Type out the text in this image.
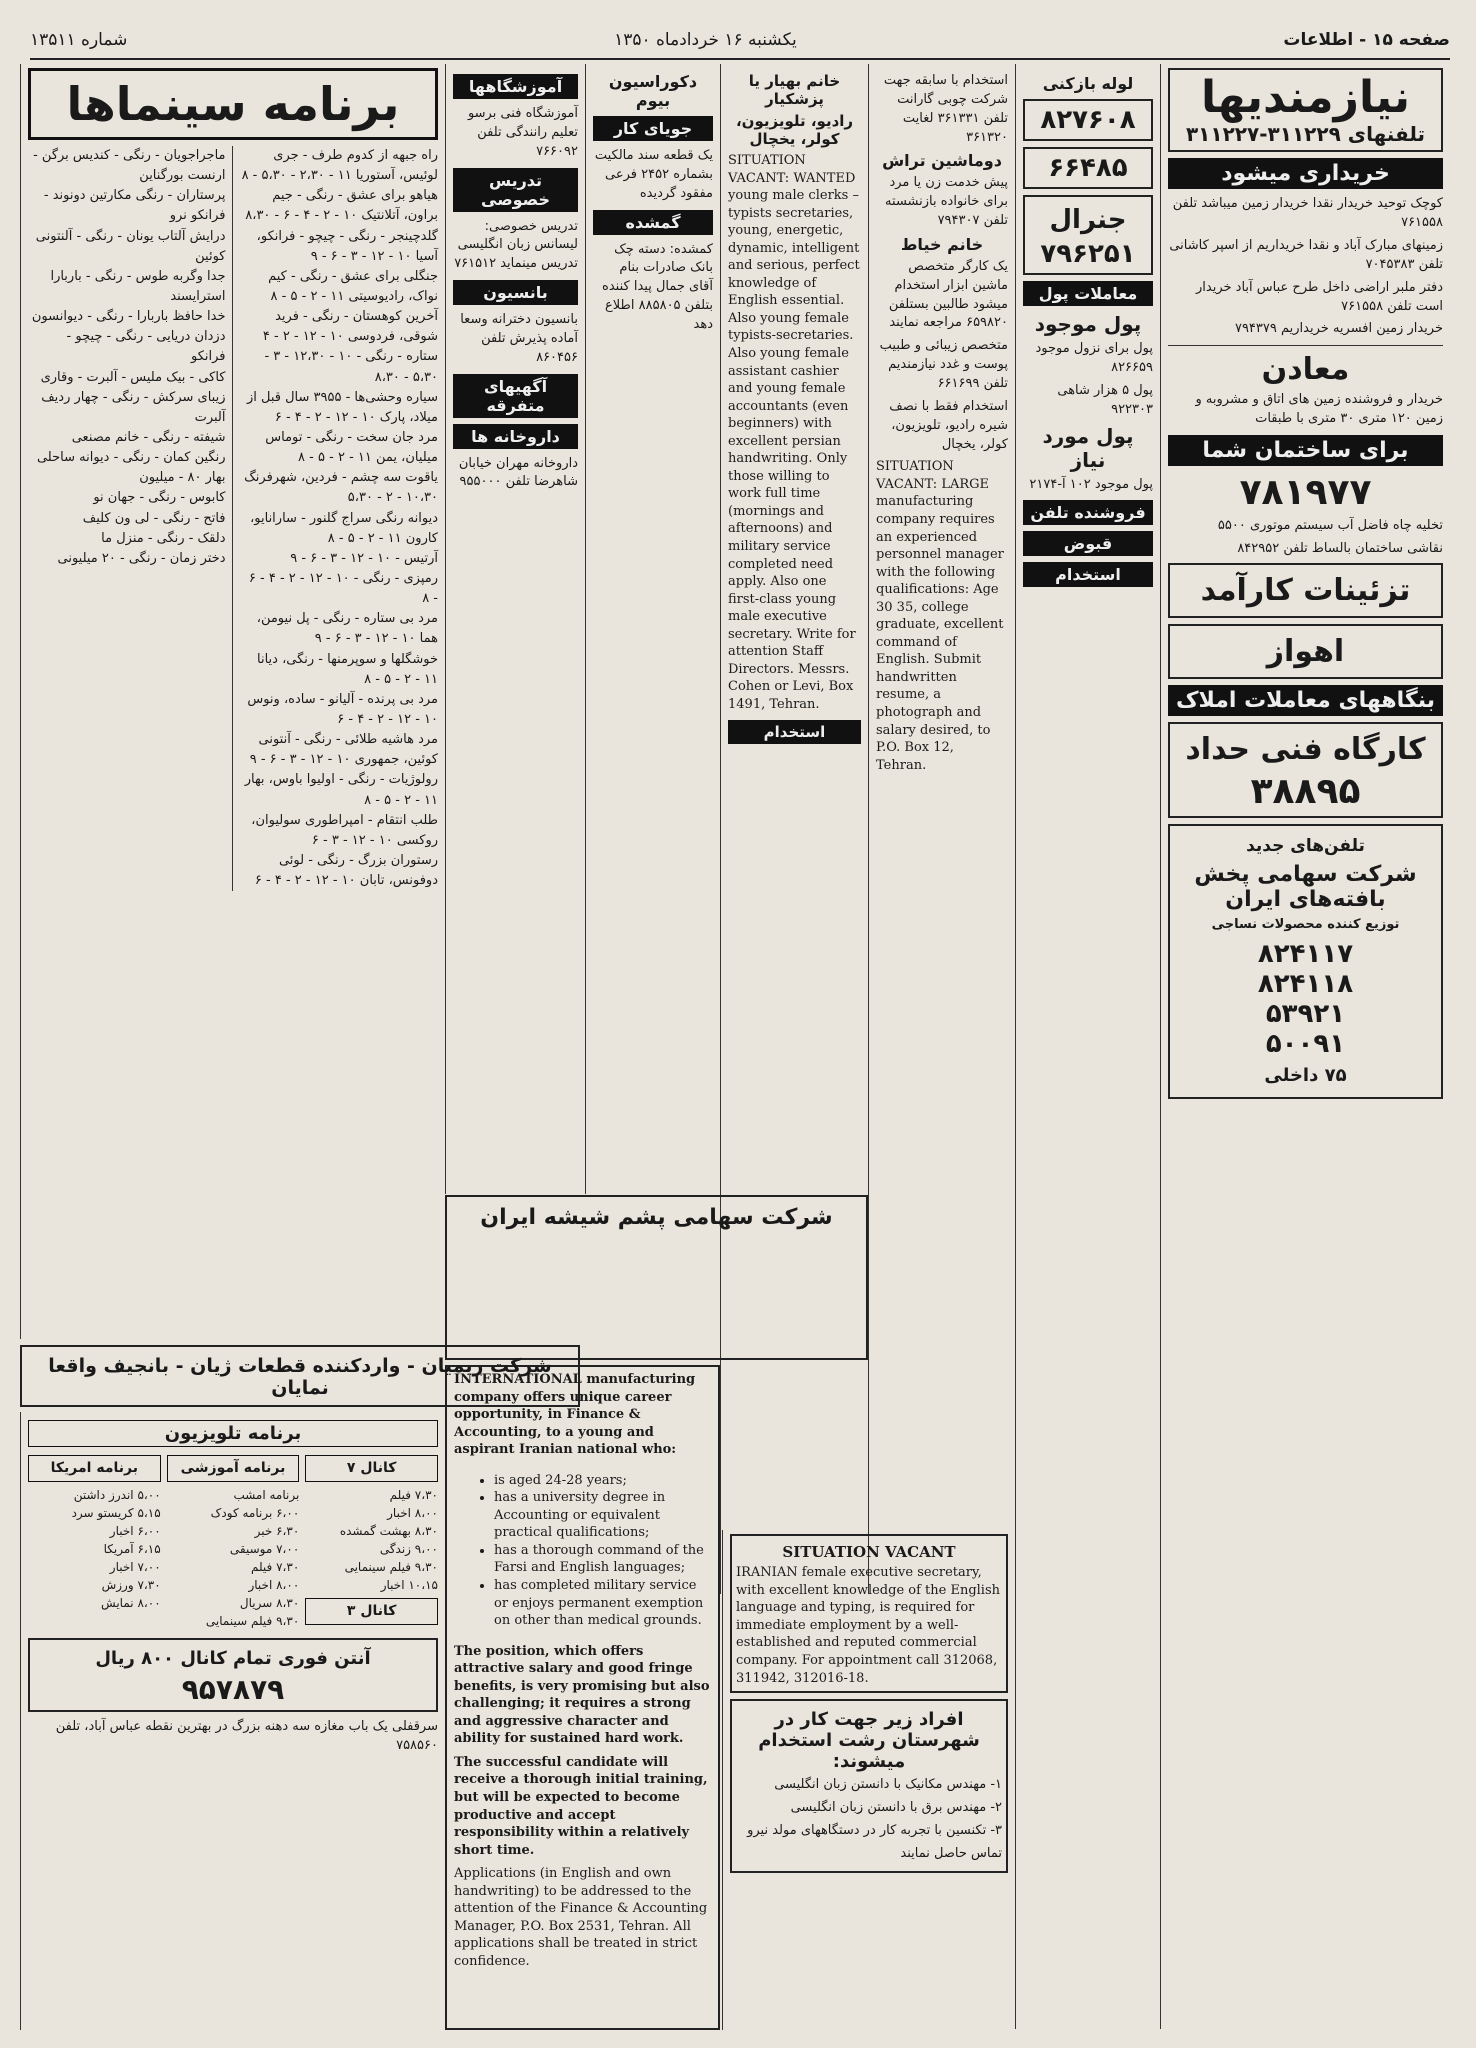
صفحه ۱۵ - اطلاعات
یکشنبه ۱۶ خردادماه ۱۳۵۰
شماره ۱۳۵۱۱
نیازمندیها
تلفنهای ۳۱۱۲۲۹-۳۱۱۲۲۷
خریداری میشود
کوچک توحید خریدار نقدا خریدار زمین میباشد تلفن ۷۶۱۵۵۸
زمینهای مبارک آباد و نقدا خریداریم از اسپر کاشانی تلفن ۷۰۴۵۳۸۳
دفتر ملبر اراضی داخل طرح عباس آباد خریدار است تلفن ۷۶۱۵۵۸
خریدار زمین افسریه خریداریم ۷۹۴۳۷۹
معادن
خریدار و فروشنده زمین های اتاق و مشروبه و زمین ۱۲۰ متری ۳۰ متری با طبقات
برای ساختمان شما
۷۸۱۹۷۷
تخلیه چاه فاضل آب سیستم موتوری ۵۵۰۰
نقاشی ساختمان بالساط تلفن ۸۴۲۹۵۲
تزئینات کارآمد
اهواز
بنگاههای معاملات املاک
کارگاه فنی حداد
۳۸۸۹۵
تلفن‌های جدید
شرکت سهامی پخش بافته‌های ایران
توزیع کننده محصولات نساجی
۸۲۴۱۱۷
۸۲۴۱۱۸
۵۳۹۲۱
۵۰۰۹۱
۷۵ داخلی
لوله بازکنی
۸۲۷۶۰۸
۶۶۴۸۵
جنرال
۷۹۶۲۵۱
معاملات پول
پول موجود
پول برای نزول موجود ۸۲۶۶۵۹
پول ۵ هزار شاهی ۹۲۲۳۰۳
پول مورد نیاز
پول موجود ۱۰۲ آ-۲۱۷۴
فروشنده تلفن
قبوض
استخدام
استخدام با سابقه جهت شرکت چوبی گارانت تلفن ۳۶۱۳۳۱ لغایت ۳۶۱۳۲۰
دوماشین تراش
پیش خدمت زن یا مرد برای خانواده بازنشسته تلفن ۷۹۴۳۰۷
خانم خیاط
یک کارگر متخصص ماشین ابزار استخدام میشود طالبین بستلفن ۶۵۹۸۲۰ مراجعه نمایند
متخصص زیبائی و طبیب پوست و غدد نیازمندیم تلفن ۶۶۱۶۹۹
استخدام فقط با نصف شیره رادیو، تلویزیون، کولر، یخچال
SITUATION VACANT: LARGE manufacturing company requires an experienced personnel manager with the following qualifications: Age 30 35, college graduate, excellent command of English. Submit handwritten resume, a photograph and salary desired, to P.O. Box 12, Tehran.
خانم بهیار یا پزشکیار
رادیو، تلویزیون، کولر، یخچال
SITUATION VACANT: WANTED young male clerks – typists secretaries, young, energetic, dynamic, intelligent and serious, perfect knowledge of English essential. Also young female typists-secretaries. Also young female assistant cashier and young female accountants (even beginners) with excellent persian handwriting. Only those willing to work full time (mornings and afternoons) and military service completed need apply. Also one first-class young male executive secretary. Write for attention Staff Directors. Messrs. Cohen or Levi, Box 1491, Tehran.
استخدام
دکوراسیون بیوم
جویای کار
یک قطعه سند مالکیت بشماره ۲۴۵۲ فرعی مفقود گردیده
گمشده
کمشده: دسته چک بانک صادرات بنام آقای جمال پیدا کننده بتلفن ۸۸۵۸۰۵ اطلاع دهد
آموزشگاهها
آموزشگاه فنی برسو تعلیم رانندگی تلفن ۷۶۶۰۹۲
تدریس خصوصی
تدریس خصوصی: لیسانس زبان انگلیسی تدریس مینماید ۷۶۱۵۱۲
بانسیون
بانسیون دخترانه وسعا آماده پذیرش تلفن ۸۶۰۴۵۶
آگهیهای متفرقه
داروخانه ها
داروخانه مهران خیابان شاهرضا تلفن ۹۵۵۰۰۰
شرکت سهامی پشم شیشه ایران
INTERNATIONAL manufacturing company offers unique career opportunity, in Finance & Accounting, to a young and aspirant Iranian national who:
• is aged 24-28 years;
• has a university degree in Accounting or equivalent practical qualifications;
• has a thorough command of the Farsi and English languages;
• has completed military service or enjoys permanent exemption on other than medical grounds.
The position, which offers attractive salary and good fringe benefits, is very promising but also challenging; it requires a strong and aggressive character and ability for sustained hard work.
The successful candidate will receive a thorough initial training, but will be expected to become productive and accept responsibility within a relatively short time.
Applications (in English and own handwriting) to be addressed to the attention of the Finance & Accounting Manager, P.O. Box 2531, Tehran. All applications shall be treated in strict confidence.
SITUATION VACANT
IRANIAN female executive secretary, with excellent knowledge of the English language and typing, is required for immediate employment by a well-established and reputed commercial company. For appointment call 312068, 311942, 312016-18.
افراد زیر جهت کار در شهرستان رشت استخدام میشوند:
۱- مهندس مکانیک با دانستن زبان انگلیسی
۲- مهندس برق با دانستن زبان انگلیسی
۳- تکنسین با تجربه کار در دستگاههای مولد نیرو
تماس حاصل نمایند
برنامه سینماها
راه جبهه از کدوم طرف - جری لوئیس، آستوریا ۱۱ - ۲،۳۰ - ۵،۳۰ - ۸
هیاهو برای عشق - رنگی - جیم براون، آتلانتیک ۱۰ - ۲ - ۴ - ۶ - ۸،۳۰
گلدچینجر - رنگی - چیچو - فرانکو، آسیا ۱۰ - ۱۲ - ۳ - ۶ - ۹
جنگلی برای عشق - رنگی - کیم نواک، رادیوسیتی ۱۱ - ۲ - ۵ - ۸
آخرین کوهستان - رنگی - فرید شوقی، فردوسی ۱۰ - ۱۲ - ۲ - ۴
ستاره - رنگی - ۱۰ - ۱۲،۳۰ - ۳ - ۵،۳۰ - ۸،۳۰
سیاره وحشی‌ها - ۳۹۵۵ سال قبل از میلاد، پارک ۱۰ - ۱۲ - ۲ - ۴ - ۶
مرد جان سخت - رنگی - توماس میلیان، یمن ۱۱ - ۲ - ۵ - ۸
یاقوت سه چشم - فردین، شهرفرنگ ۱۰،۳۰ - ۲ - ۵،۳۰
دیوانه رنگی سراج گلنور - سارانایو، کارون ۱۱ - ۲ - ۵ - ۸
آرتیس - ۱۰ - ۱۲ - ۳ - ۶ - ۹
رمپزی - رنگی - ۱۰ - ۱۲ - ۲ - ۴ - ۶ - ۸
مرد بی ستاره - رنگی - پل نیومن، هما ۱۰ - ۱۲ - ۳ - ۶ - ۹
خوشگلها و سوپرمنها - رنگی، دیانا ۱۱ - ۲ - ۵ - ۸
مرد بی پرنده - آلیانو - ساده، ونوس ۱۰ - ۱۲ - ۲ - ۴ - ۶
مرد هاشیه طلائی - رنگی - آنتونی کوئین، جمهوری ۱۰ - ۱۲ - ۳ - ۶ - ۹
رولوژیات - رنگی - اولیوا باوس، بهار ۱۱ - ۲ - ۵ - ۸
طلب انتقام - امپراطوری سولیوان، روکسی ۱۰ - ۱۲ - ۳ - ۶
رستوران بزرگ - رنگی - لوئی دوفونس، تابان ۱۰ - ۱۲ - ۲ - ۴ - ۶
ماجراجویان - رنگی - کندیس برگن - ارنست بورگناین
پرستاران - رنگی مکارتین دونوند - فرانکو نرو
درایش آلتاب یونان - رنگی - آلنتونی کوئین
جدا وگربه طوس - رنگی - باربارا استرایسند
خدا حافظ باربارا - رنگی - دیوانسون
دزدان دریایی - رنگی - چیچو - فرانکو
کاکی - بیک ملیس - آلبرت - وقاری
زیبای سرکش - رنگی - چهار ردیف آلبرت
شیفته - رنگی - خانم مصنعی
رنگین کمان - رنگی - دیوانه ساحلی
بهار ۸۰ - میلیون
کابوس - رنگی - جهان نو
فاتح - رنگی - لی ون کلیف
دلقک - رنگی - منزل ما
دختر زمان - رنگی - ۲۰ میلیونی
شرکت ریمیان - واردکننده قطعات ژیان - بانجیف واقعا نمایان
برنامه تلویزیون
کانال ۷
۷،۳۰ فیلم
۸،۰۰ اخبار
۸،۳۰ بهشت گمشده
۹،۰۰ زندگی
۹،۳۰ فیلم سینمایی
۱۰،۱۵ اخبار
کانال ۳
برنامه آموزشی
برنامه امشب
۶،۰۰ برنامه کودک
۶،۳۰ خبر
۷،۰۰ موسیقی
۷،۳۰ فیلم
۸،۰۰ اخبار
۸،۳۰ سریال
۹،۳۰ فیلم سینمایی
برنامه امریکا
۵،۰۰ اندرز داشتن
۵،۱۵ کریستو سرد
۶،۰۰ اخبار
۶،۱۵ آمریکا
۷،۰۰ اخبار
۷،۳۰ ورزش
۸،۰۰ نمایش
آنتن فوری تمام کانال ۸۰۰ ریال
۹۵۷۸۷۹
سرقفلی یک باب مغازه سه دهنه بزرگ در بهترین نقطه عباس آباد، تلفن ۷۵۸۵۶۰
